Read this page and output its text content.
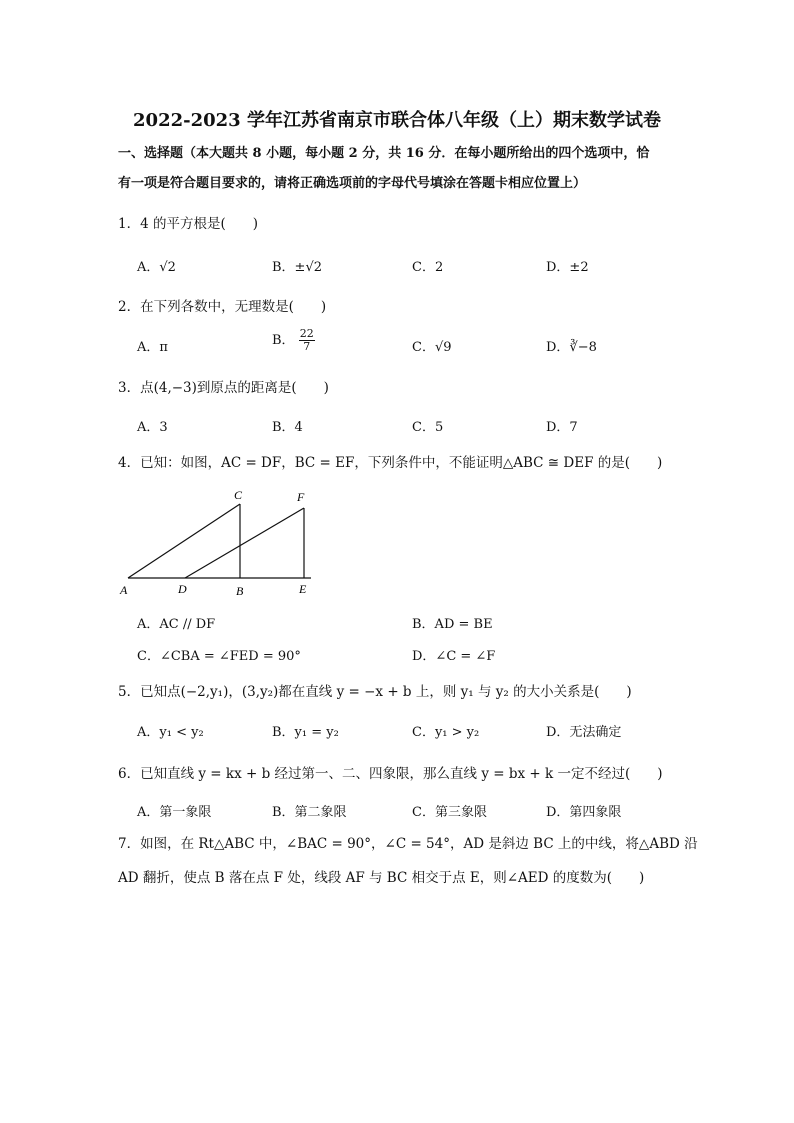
2022-2023 学年江苏省南京市联合体八年级（上）期末数学试卷
一、选择题（本大题共 8 小题，每小题 2 分，共 16 分．在每小题所给出的四个选项中，恰
有一项是符合题目要求的，请将正确选项前的字母代号填涂在答题卡相应位置上）
1．4 的平方根是(　　)
A．√2	B．±√2	C．2	D．±2
2．在下列各数中，无理数是(　　)
A．π	B． $\frac{22}{7}$	C．√9	D．∛−8
3．点(4,−3)到原点的距离是(　　)
A．3	B．4	C．5	D．7
4．已知：如图，AC = DF，BC = EF，下列条件中，不能证明△ABC ≅ DEF 的是(　　)
A	D	B	E
C	F
A．AC // DF	B．AD = BE
C．∠CBA = ∠FED = 90°	D．∠C = ∠F
5．已知点(−2,y₁)，(3,y₂)都在直线 y = −x + b 上，则 y₁ 与 y₂ 的大小关系是(　　)
A．y₁ < y₂	B．y₁ = y₂	C．y₁ > y₂	D．无法确定
6．已知直线 y = kx + b 经过第一、二、四象限，那么直线 y = bx + k 一定不经过(　　)
A．第一象限	B．第二象限	C．第三象限	D．第四象限
7．如图，在 Rt△ABC 中，∠BAC = 90°，∠C = 54°，AD 是斜边 BC 上的中线，将△ABD 沿
AD 翻折，使点 B 落在点 F 处，线段 AF 与 BC 相交于点 E，则∠AED 的度数为(　　)
